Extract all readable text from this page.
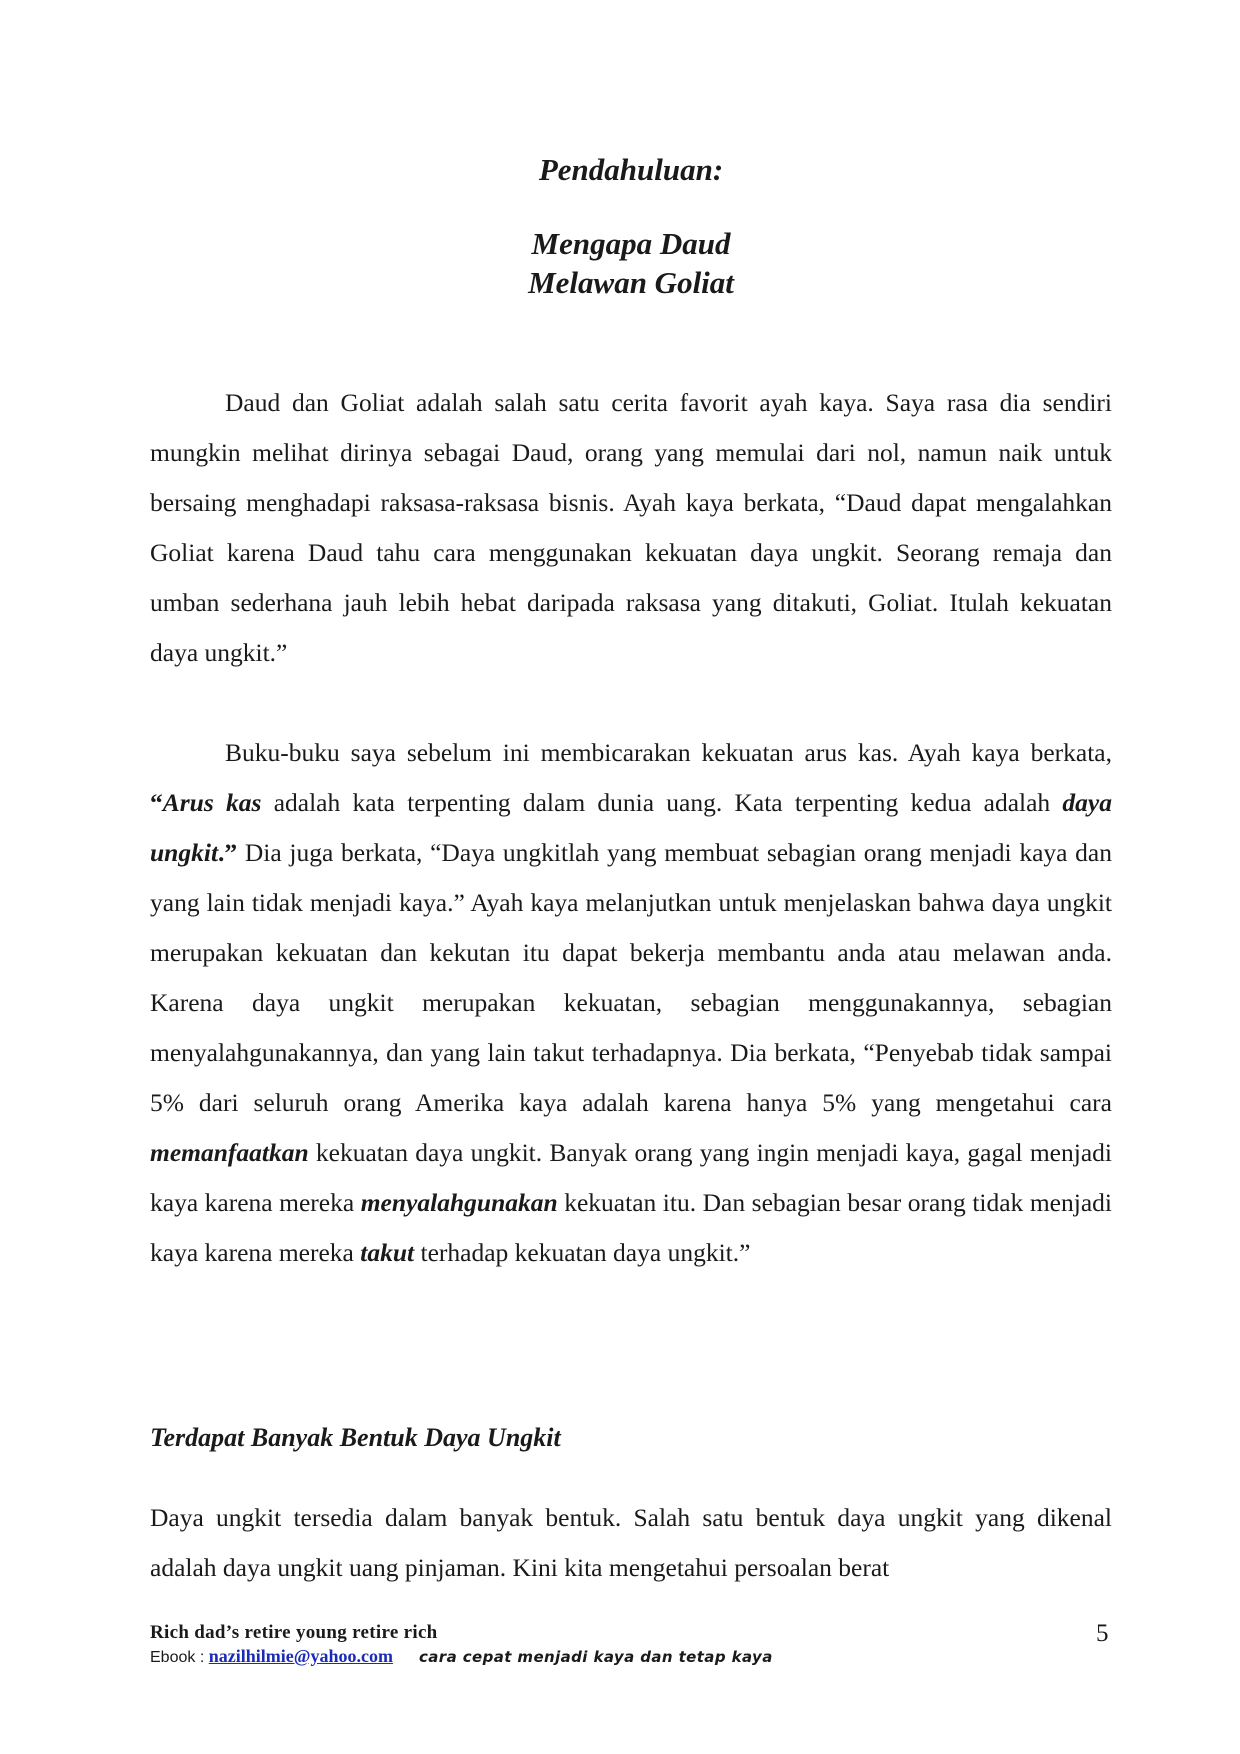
Pendahuluan:
Mengapa Daud
Melawan Goliat

Daud dan Goliat adalah salah satu cerita favorit ayah kaya. Saya rasa dia sendiri mungkin melihat dirinya sebagai Daud, orang yang memulai dari nol, namun naik untuk bersaing menghadapi raksasa-raksasa bisnis. Ayah kaya berkata, “Daud dapat mengalahkan Goliat karena Daud tahu cara menggunakan kekuatan daya ungkit. Seorang remaja dan umban sederhana jauh lebih hebat daripada raksasa yang ditakuti, Goliat. Itulah kekuatan daya ungkit.”

Buku-buku saya sebelum ini membicarakan kekuatan arus kas. Ayah kaya berkata, “Arus kas adalah kata terpenting dalam dunia uang. Kata terpenting kedua adalah daya ungkit.” Dia juga berkata, “Daya ungkitlah yang membuat sebagian orang menjadi kaya dan yang lain tidak menjadi kaya.” Ayah kaya melanjutkan untuk menjelaskan bahwa daya ungkit merupakan kekuatan dan kekutan itu dapat bekerja membantu anda atau melawan anda. Karena daya ungkit merupakan kekuatan, sebagian menggunakannya, sebagian menyalahgunakannya, dan yang lain takut terhadapnya. Dia berkata, “Penyebab tidak sampai 5% dari seluruh orang Amerika kaya adalah karena hanya 5% yang mengetahui cara memanfaatkan kekuatan daya ungkit. Banyak orang yang ingin menjadi kaya, gagal menjadi kaya karena mereka menyalahgunakan kekuatan itu. Dan sebagian besar orang tidak menjadi kaya karena mereka takut terhadap kekuatan daya ungkit.”

Terdapat Banyak Bentuk Daya Ungkit

Daya ungkit tersedia dalam banyak bentuk. Salah satu bentuk daya ungkit yang dikenal adalah daya ungkit uang pinjaman. Kini kita mengetahui persoalan berat

Rich dad’s retire young retire rich	5
Ebook : nazilhilmie@yahoo.com cara cepat menjadi kaya dan tetap kaya
